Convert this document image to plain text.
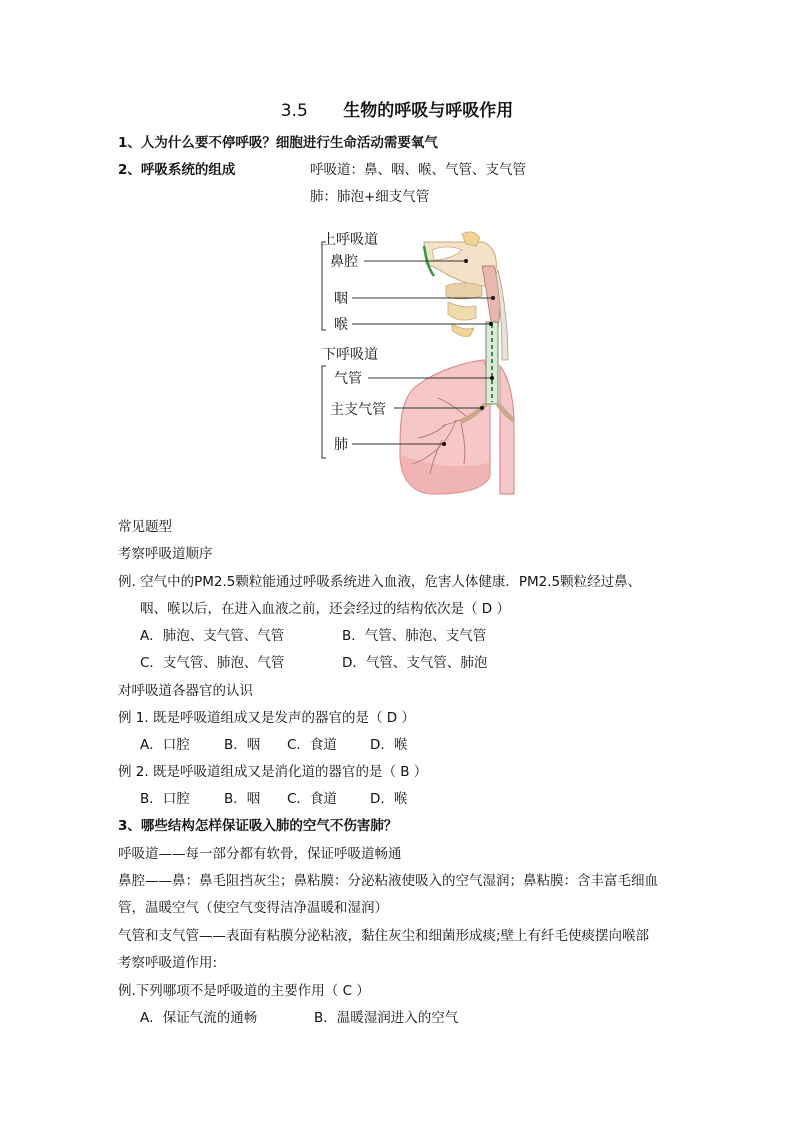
3.5 生物的呼吸与呼吸作用
1、人为什么要不停呼吸？细胞进行生命活动需要氧气
2、呼吸系统的组成	呼吸道：鼻、咽、喉、气管、支气管
肺：肺泡+细支气管
上呼吸道
鼻腔
咽
喉
下呼吸道
气管
主支气管
肺
常见题型
考察呼吸道顺序
例. 空气中的PM2.5颗粒能通过呼吸系统进入血液，危害人体健康．PM2.5颗粒经过鼻、
咽、喉以后，在进入血液之前，还会经过的结构依次是（ D ）
A．肺泡、支气管、气管	B．气管、肺泡、支气管
C．支气管、肺泡、气管	D．气管、支气管、肺泡
对呼吸道各器官的认识
例 1. 既是呼吸道组成又是发声的器官的是（ D ）
A．口腔	B．咽 C．食道 D．喉
例 2. 既是呼吸道组成又是消化道的器官的是（ B ）
B．口腔	B．咽 C．食道 D．喉
3、哪些结构怎样保证吸入肺的空气不伤害肺？
呼吸道——每一部分都有软骨，保证呼吸道畅通
鼻腔——鼻：鼻毛阻挡灰尘；鼻粘膜：分泌粘液使吸入的空气湿润；鼻粘膜：含丰富毛细血
管，温暖空气（使空气变得洁净温暖和湿润）
气管和支气管——表面有粘膜分泌粘液，黏住灰尘和细菌形成痰;壁上有纤毛使痰摆向喉部
考察呼吸道作用:
例.下列哪项不是呼吸道的主要作用（ C ）
A．保证气流的通畅	B．温暖湿润进入的空气
